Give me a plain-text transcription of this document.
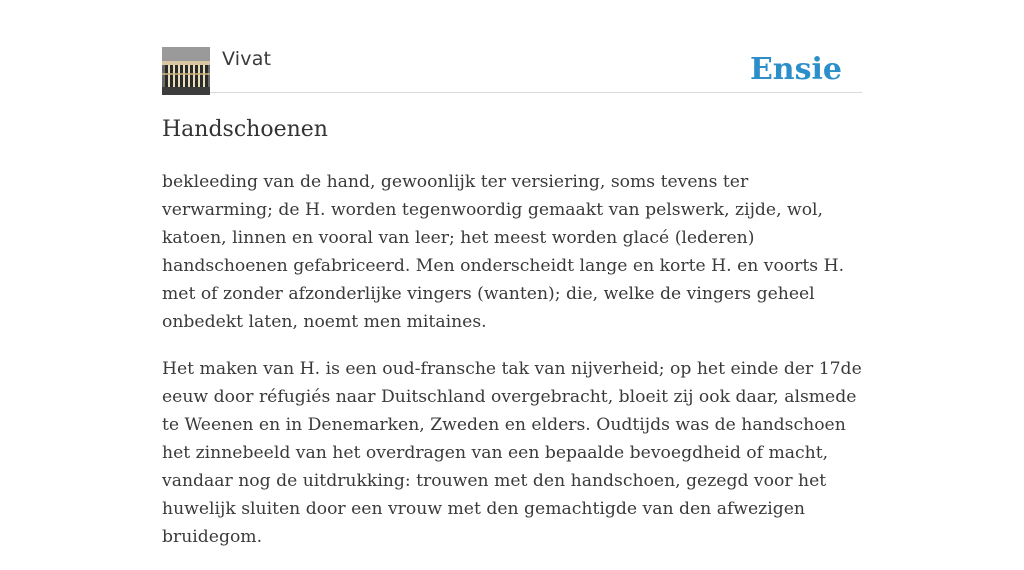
Vivat	Ensie
Handschoenen

bekleeding van de hand, gewoonlijk ter versiering, soms tevens ter verwarming; de H. worden tegenwoordig gemaakt van pelswerk, zijde, wol, katoen, linnen en vooral van leer; het meest worden glacé (lederen) handschoenen gefabriceerd. Men onderscheidt lange en korte H. en voorts H. met of zonder afzonderlijke vingers (wanten); die, welke de vingers geheel onbedekt laten, noemt men mitaines.

Het maken van H. is een oud-fransche tak van nijverheid; op het einde der 17de eeuw door réfugiés naar Duitschland overgebracht, bloeit zij ook daar, alsmede te Weenen en in Denemarken, Zweden en elders. Oudtijds was de handschoen het zinnebeeld van het overdragen van een bepaalde bevoegdheid of macht, vandaar nog de uitdrukking: trouwen met den handschoen, gezegd voor het huwelijk sluiten door een vrouw met den gemachtigde van den afwezigen bruidegom.
